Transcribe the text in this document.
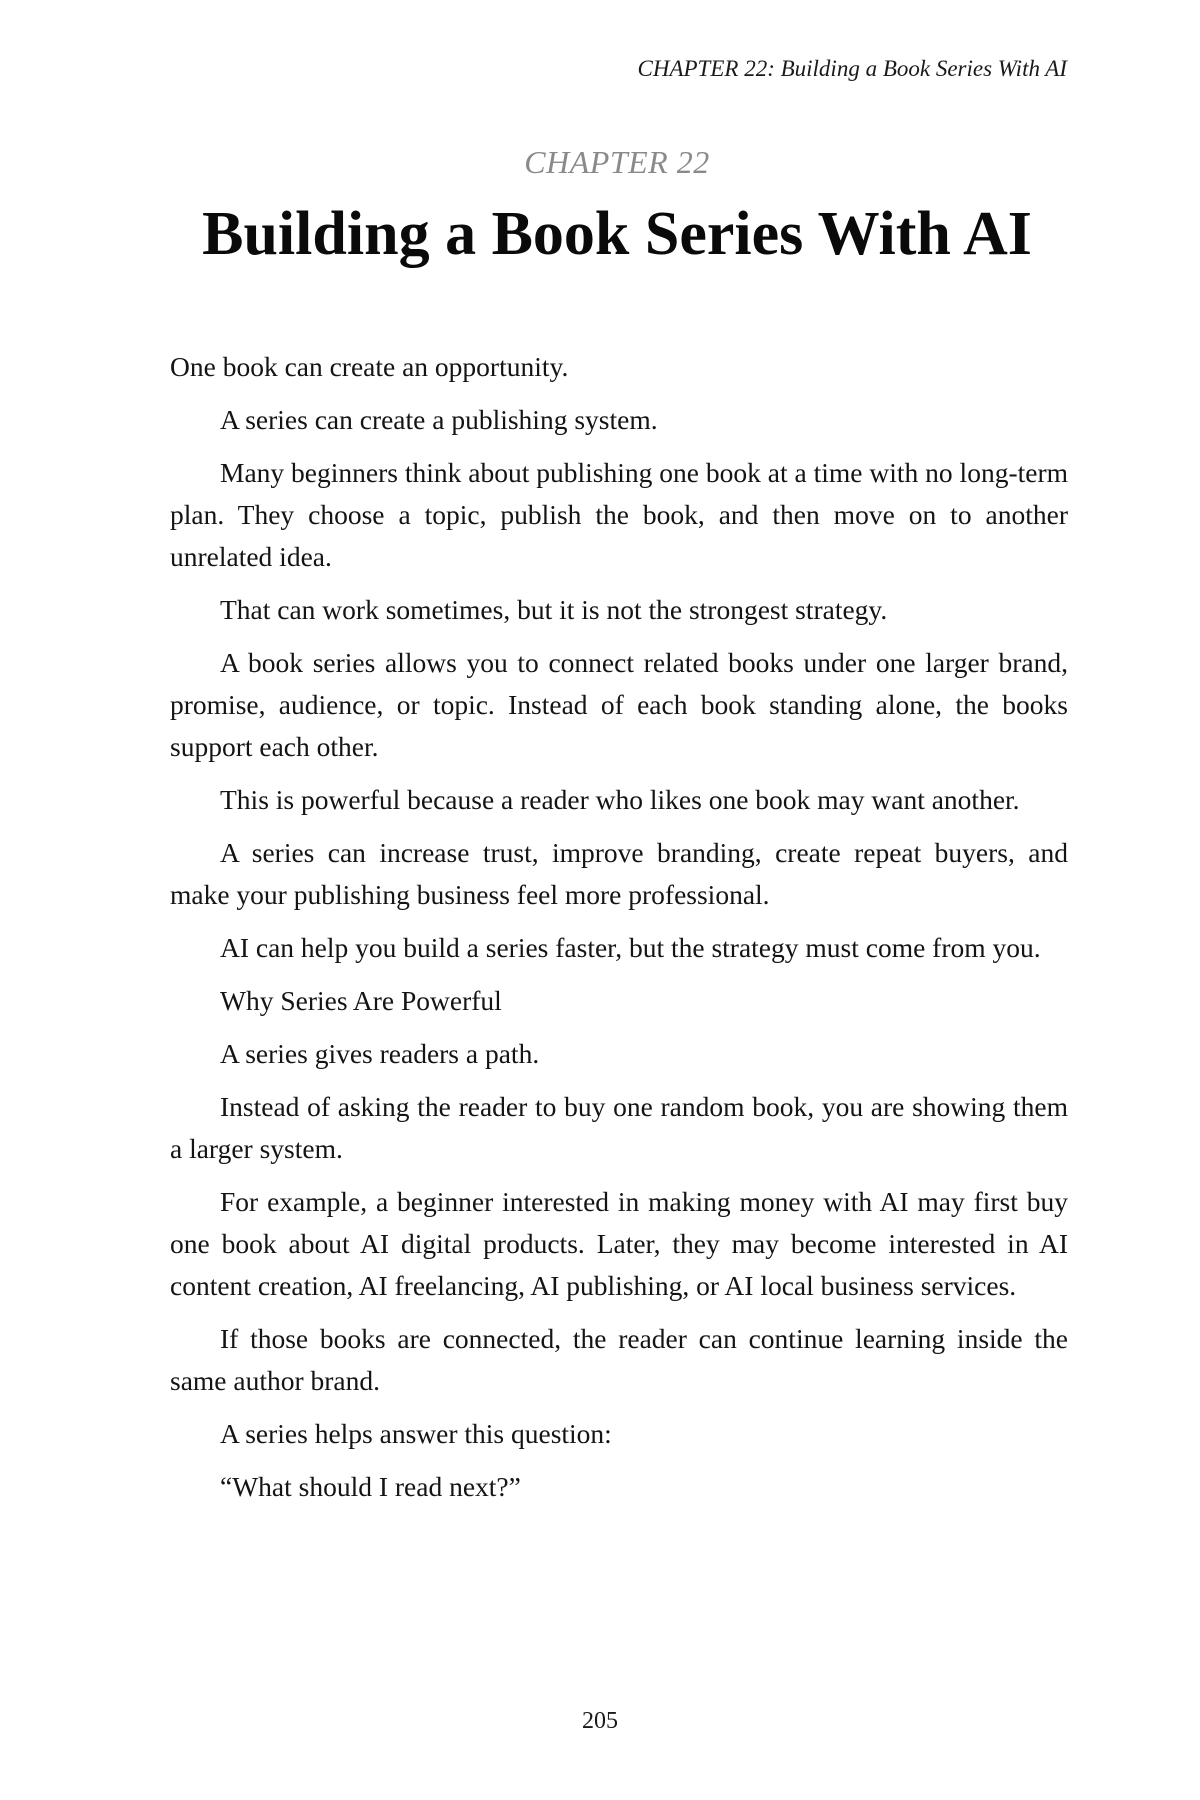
CHAPTER 22: Building a Book Series With AI
CHAPTER 22
Building a Book Series With AI

One book can create an opportunity.

A series can create a publishing system.

Many beginners think about publishing one book at a time with no long-term plan. They choose a topic, publish the book, and then move on to another unrelated idea.

That can work sometimes, but it is not the strongest strategy.

A book series allows you to connect related books under one larger brand, promise, audience, or topic. Instead of each book standing alone, the books support each other.

This is powerful because a reader who likes one book may want another.

A series can increase trust, improve branding, create repeat buyers, and make your publishing business feel more professional.

AI can help you build a series faster, but the strategy must come from you.

Why Series Are Powerful

A series gives readers a path.

Instead of asking the reader to buy one random book, you are showing them a larger system.

For example, a beginner interested in making money with AI may first buy one book about AI digital products. Later, they may become interested in AI content creation, AI freelancing, AI publishing, or AI local business services.

If those books are connected, the reader can continue learning inside the same author brand.

A series helps answer this question:

“What should I read next?”

205
